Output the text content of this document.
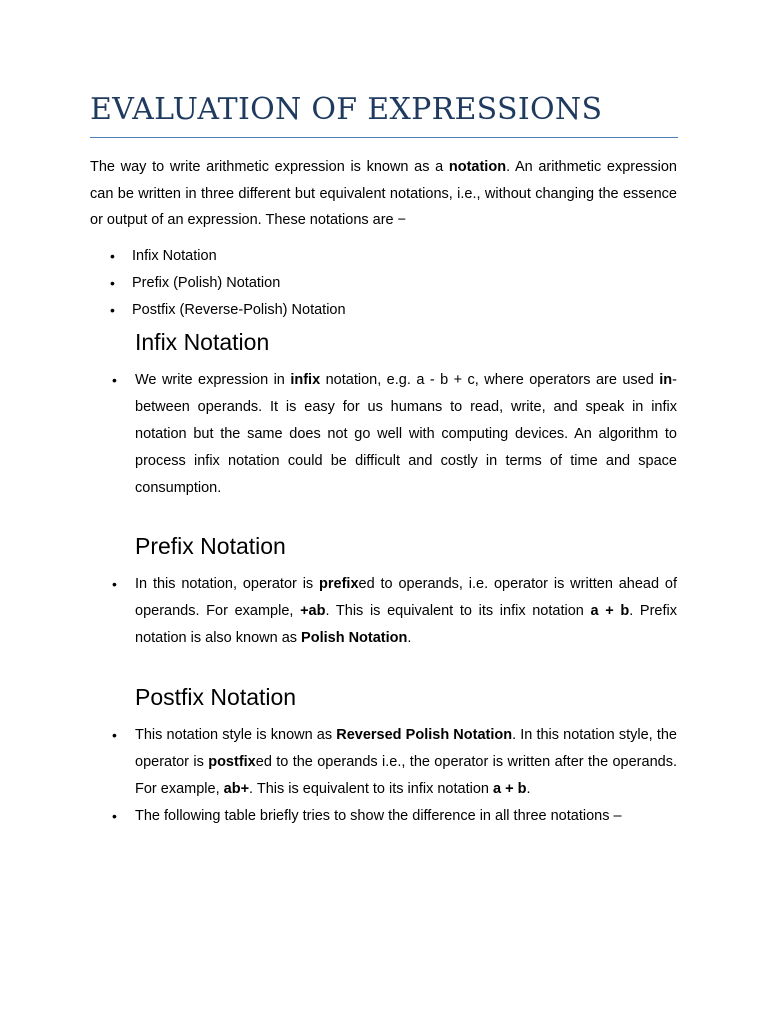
EVALUATION OF EXPRESSIONS

The way to write arithmetic expression is known as a notation. An arithmetic expression can be written in three different but equivalent notations, i.e., without changing the essence or output of an expression. These notations are −

• Infix Notation
• Prefix (Polish) Notation
• Postfix (Reverse-Polish) Notation
Infix Notation
• We write expression in infix notation, e.g. a - b + c, where operators are used in-between operands. It is easy for us humans to read, write, and speak in infix notation but the same does not go well with computing devices. An algorithm to process infix notation could be difficult and costly in terms of time and space consumption.
Prefix Notation
• In this notation, operator is prefixed to operands, i.e. operator is written ahead of operands. For example, +ab. This is equivalent to its infix notation a + b. Prefix notation is also known as Polish Notation.
Postfix Notation
• This notation style is known as Reversed Polish Notation. In this notation style, the operator is postfixed to the operands i.e., the operator is written after the operands. For example, ab+. This is equivalent to its infix notation a + b.
• The following table briefly tries to show the difference in all three notations –
